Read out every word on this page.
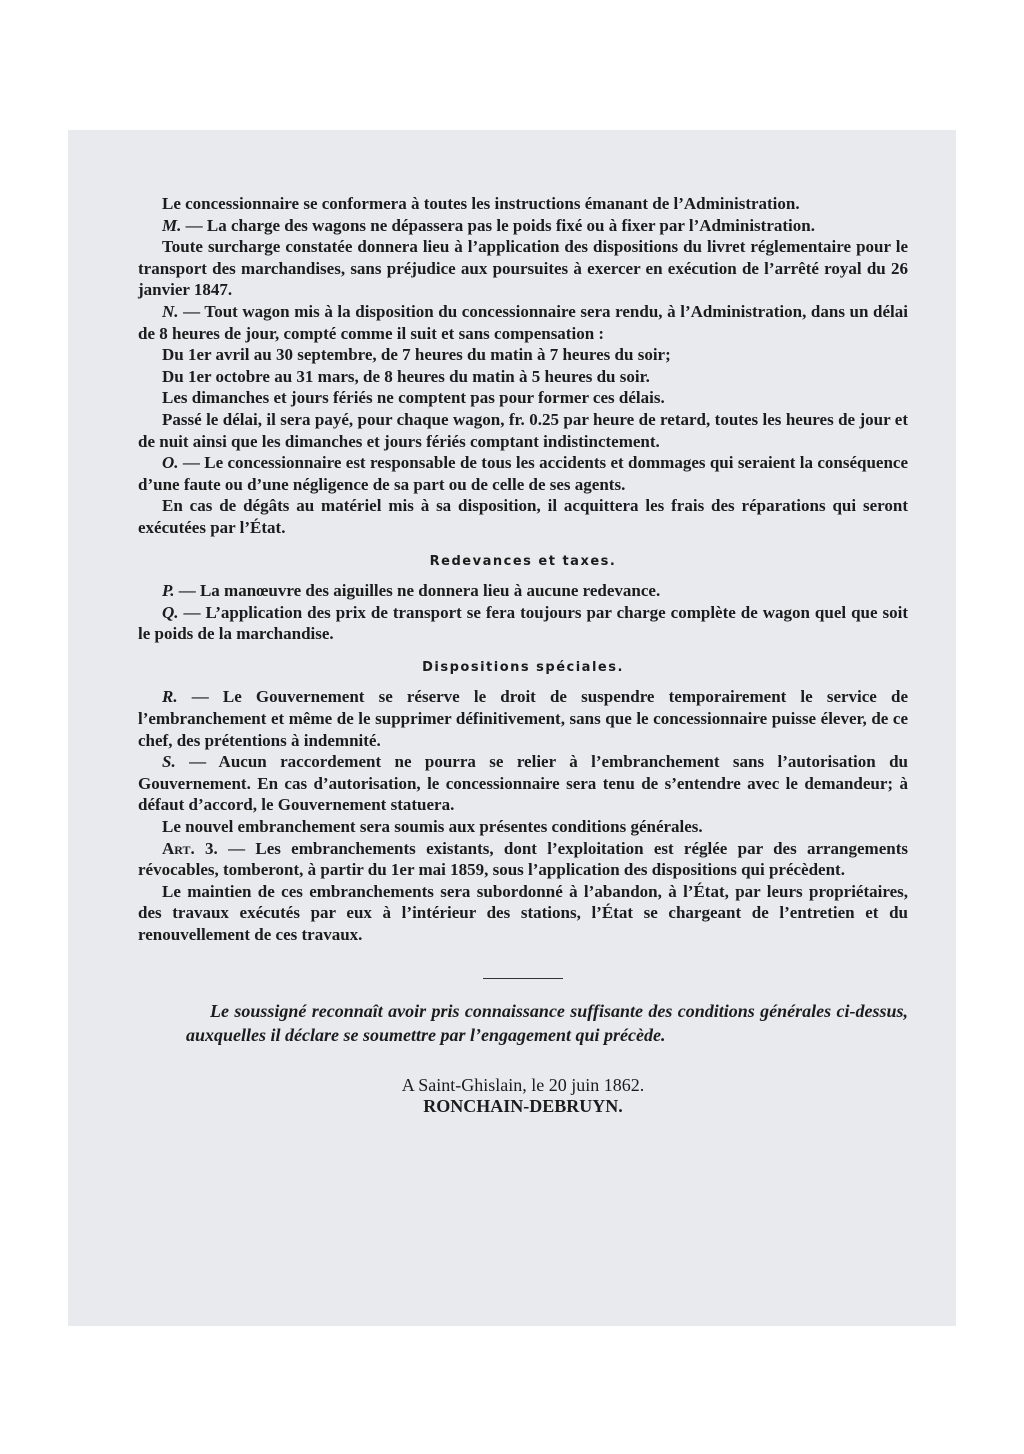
Le concessionnaire se conformera à toutes les instructions émanant de l’Administration.

M. — La charge des wagons ne dépassera pas le poids fixé ou à fixer par l’Administration.

Toute surcharge constatée donnera lieu à l’application des dispositions du livret réglementaire pour le transport des marchandises, sans préjudice aux poursuites à exercer en exécution de l’arrêté royal du 26 janvier 1847.

N. — Tout wagon mis à la disposition du concessionnaire sera rendu, à l’Administration, dans un délai de 8 heures de jour, compté comme il suit et sans compensation :

Du 1er avril au 30 septembre, de 7 heures du matin à 7 heures du soir;

Du 1er octobre au 31 mars, de 8 heures du matin à 5 heures du soir.

Les dimanches et jours fériés ne comptent pas pour former ces délais.

Passé le délai, il sera payé, pour chaque wagon, fr. 0.25 par heure de retard, toutes les heures de jour et de nuit ainsi que les dimanches et jours fériés comptant indistinctement.

O. — Le concessionnaire est responsable de tous les accidents et dommages qui seraient la conséquence d’une faute ou d’une négligence de sa part ou de celle de ses agents.

En cas de dégâts au matériel mis à sa disposition, il acquittera les frais des réparations qui seront exécutées par l’État.

Redevances et taxes.

P. — La manœuvre des aiguilles ne donnera lieu à aucune redevance.

Q. — L’application des prix de transport se fera toujours par charge complète de wagon quel que soit le poids de la marchandise.

Dispositions spéciales.

R. — Le Gouvernement se réserve le droit de suspendre temporairement le service de l’embranchement et même de le supprimer définitivement, sans que le concessionnaire puisse élever, de ce chef, des prétentions à indemnité.

S. — Aucun raccordement ne pourra se relier à l’embranchement sans l’autorisation du Gouvernement. En cas d’autorisation, le concessionnaire sera tenu de s’entendre avec le demandeur; à défaut d’accord, le Gouvernement statuera.

Le nouvel embranchement sera soumis aux présentes conditions générales.

Art. 3. — Les embranchements existants, dont l’exploitation est réglée par des arrangements révocables, tomberont, à partir du 1er mai 1859, sous l’application des dispositions qui précèdent.

Le maintien de ces embranchements sera subordonné à l’abandon, à l’État, par leurs propriétaires, des travaux exécutés par eux à l’intérieur des stations, l’État se chargeant de l’entretien et du renouvellement de ces travaux.

Le soussigné reconnaît avoir pris connaissance suffisante des conditions générales ci-dessus, auxquelles il déclare se soumettre par l’engagement qui précède.

A Saint-Ghislain, le 20 juin 1862.
RONCHAIN-DEBRUYN.
